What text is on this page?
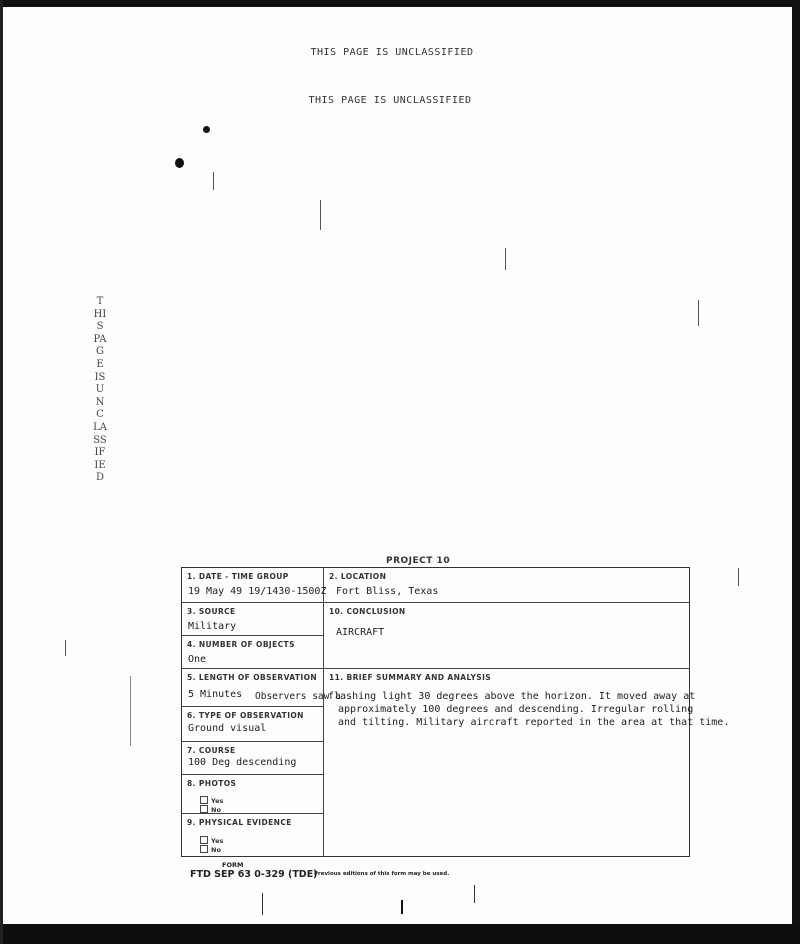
THIS PAGE IS UNCLASSIFIED
THIS PAGE IS UNCLASSIFIED
THIS PAGE IS UNCLASSIFIED
PROJECT 10
1. DATE - TIME GROUP
19 May 49 19/1430-1500Z
2. LOCATION
Fort Bliss, Texas
3. SOURCE
Military
10. CONCLUSION
AIRCRAFT
4. NUMBER OF OBJECTS
One
5. LENGTH OF OBSERVATION
5 Minutes
11. BRIEF SUMMARY AND ANALYSIS
Observers saw a
6. TYPE OF OBSERVATION
Ground visual
7. COURSE
100 Deg descending
8. PHOTOS
Yes
No
9. PHYSICAL EVIDENCE
Yes
No
flashing light 30 degrees above the horizon. It moved away at
approximately 100 degrees and descending. Irregular rolling
and tilting. Military aircraft reported in the area at that time.
FORM
FTD SEP 63 0-329 (TDE)
Previous editions of this form may be used.
